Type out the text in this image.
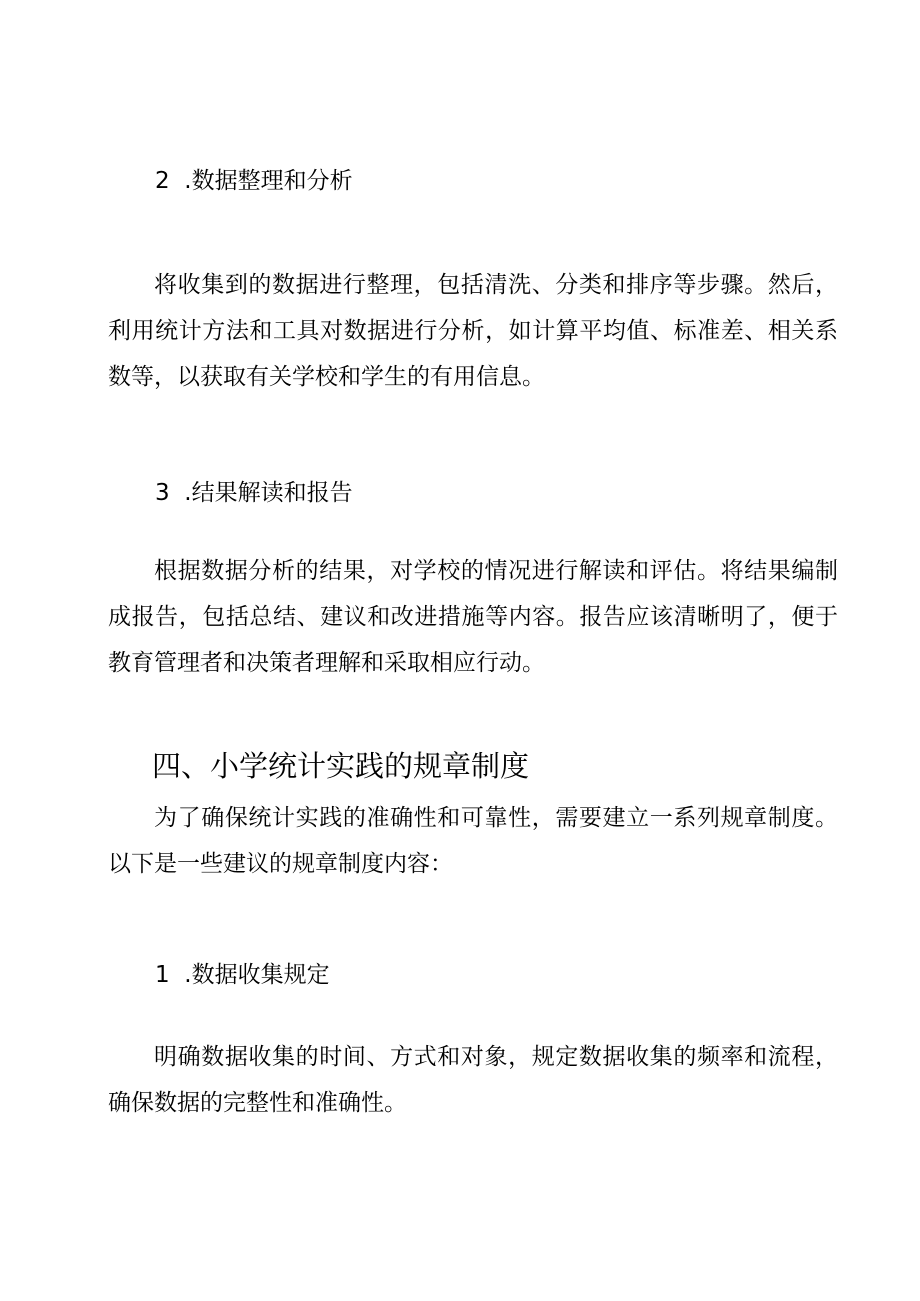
2 .数据整理和分析

将收集到的数据进行整理，包括清洗、分类和排序等步骤。然后，利用统计方法和工具对数据进行分析，如计算平均值、标准差、相关系数等，以获取有关学校和学生的有用信息。

3 .结果解读和报告

根据数据分析的结果，对学校的情况进行解读和评估。将结果编制成报告，包括总结、建议和改进措施等内容。报告应该清晰明了，便于教育管理者和决策者理解和采取相应行动。

四、小学统计实践的规章制度

为了确保统计实践的准确性和可靠性，需要建立一系列规章制度。以下是一些建议的规章制度内容：

1 .数据收集规定

明确数据收集的时间、方式和对象，规定数据收集的频率和流程，确保数据的完整性和准确性。
